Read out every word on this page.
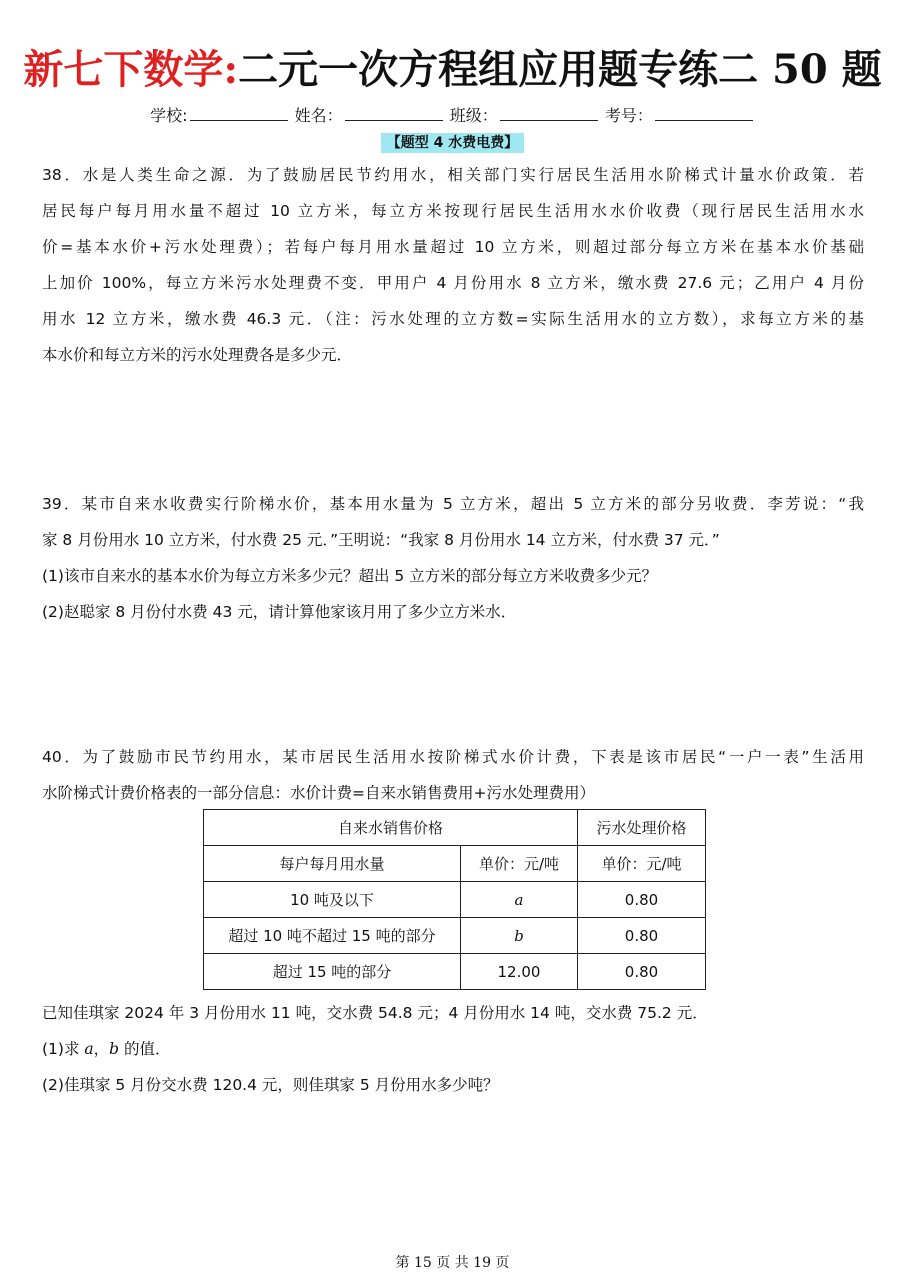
新七下数学:二元一次方程组应用题专练二 50 题
学校:	姓名：	班级：	考号：
【题型 4 水费电费】

38．水是人类生命之源．为了鼓励居民节约用水，相关部门实行居民生活用水阶梯式计量水价政策．若

居民每户每月用水量不超过 10 立方米，每立方米按现行居民生活用水水价收费（现行居民生活用水水

价=基本水价+污水处理费）；若每户每月用水量超过 10 立方米，则超过部分每立方米在基本水价基础

上加价 100%，每立方米污水处理费不变．甲用户 4 月份用水 8 立方米，缴水费 27.6 元；乙用户 4 月份

用水 12 立方米，缴水费 46.3 元．（注：污水处理的立方数=实际生活用水的立方数），求每立方米的基

本水价和每立方米的污水处理费各是多少元．

39．某市自来水收费实行阶梯水价，基本用水量为 5 立方米，超出 5 立方米的部分另收费．李芳说：“我

家 8 月份用水 10 立方米，付水费 25 元．”王明说：“我家 8 月份用水 14 立方米，付水费 37 元．”

(1)该市自来水的基本水价为每立方米多少元？超出 5 立方米的部分每立方米收费多少元？

(2)赵聪家 8 月份付水费 43 元，请计算他家该月用了多少立方米水．

40．为了鼓励市民节约用水，某市居民生活用水按阶梯式水价计费，下表是该市居民“一户一表”生活用

水阶梯式计费价格表的一部分信息：水价计费=自来水销售费用+污水处理费用）

自来水销售价格		污水处理价格
每户每月用水量	单价：元/吨	单价：元/吨
10 吨及以下	a	0.80
超过 10 吨不超过 15 吨的部分	b	0.80
超过 15 吨的部分	12.00	0.80

已知佳琪家 2024 年 3 月份用水 11 吨，交水费 54.8 元；4 月份用水 14 吨，交水费 75.2 元．

(1)求 a，b 的值．

(2)佳琪家 5 月份交水费 120.4 元，则佳琪家 5 月份用水多少吨？

第 15 页 共 19 页
